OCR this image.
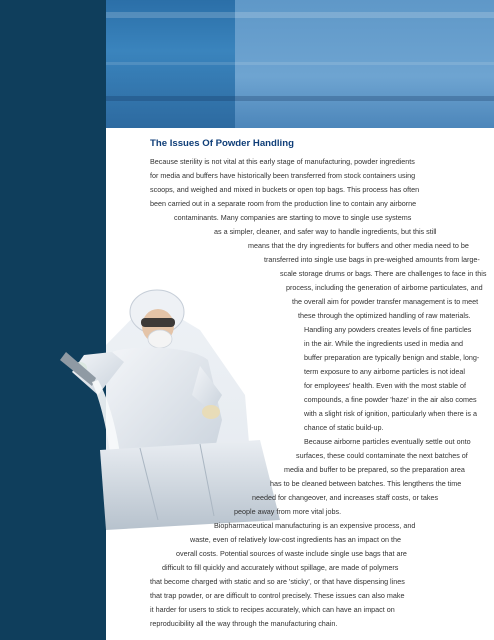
The Issues Of Powder Handling
Because sterility is not vital at this early stage of manufacturing, powder ingredients
for media and buffers have historically been transferred from stock containers using
scoops, and weighed and mixed in buckets or open top bags. This process has often
been carried out in a separate room from the production line to contain any airborne
contaminants. Many companies are starting to move to single use systems
as a simpler, cleaner, and safer way to handle ingredients, but this still
means that the dry ingredients for buffers and other media need to be
transferred into single use bags in pre-weighed amounts from large-
scale storage drums or bags. There are challenges to face in this
process, including the generation of airborne particulates, and
the overall aim for powder transfer management is to meet
these through the optimized handling of raw materials.
Handling any powders creates levels of fine particles
in the air. While the ingredients used in media and
buffer preparation are typically benign and stable, long-
term exposure to any airborne particles is not ideal
for employees' health. Even with the most stable of
compounds, a fine powder 'haze' in the air also comes
with a slight risk of ignition, particularly when there is a
chance of static build-up.
Because airborne particles eventually settle out onto
surfaces, these could contaminate the next batches of
media and buffer to be prepared, so the preparation area
has to be cleaned between batches. This lengthens the time
needed for changeover, and increases staff costs, or takes
people away from more vital jobs.
Biopharmaceutical manufacturing is an expensive process, and
waste, even of relatively low-cost ingredients has an impact on the
overall costs. Potential sources of waste include single use bags that are
difficult to fill quickly and accurately without spillage, are made of polymers
that become charged with static and so are 'sticky', or that have dispensing lines
that trap powder, or are difficult to control precisely. These issues can also make
it harder for users to stick to recipes accurately, which can have an impact on
reproducibility all the way through the manufacturing chain.
